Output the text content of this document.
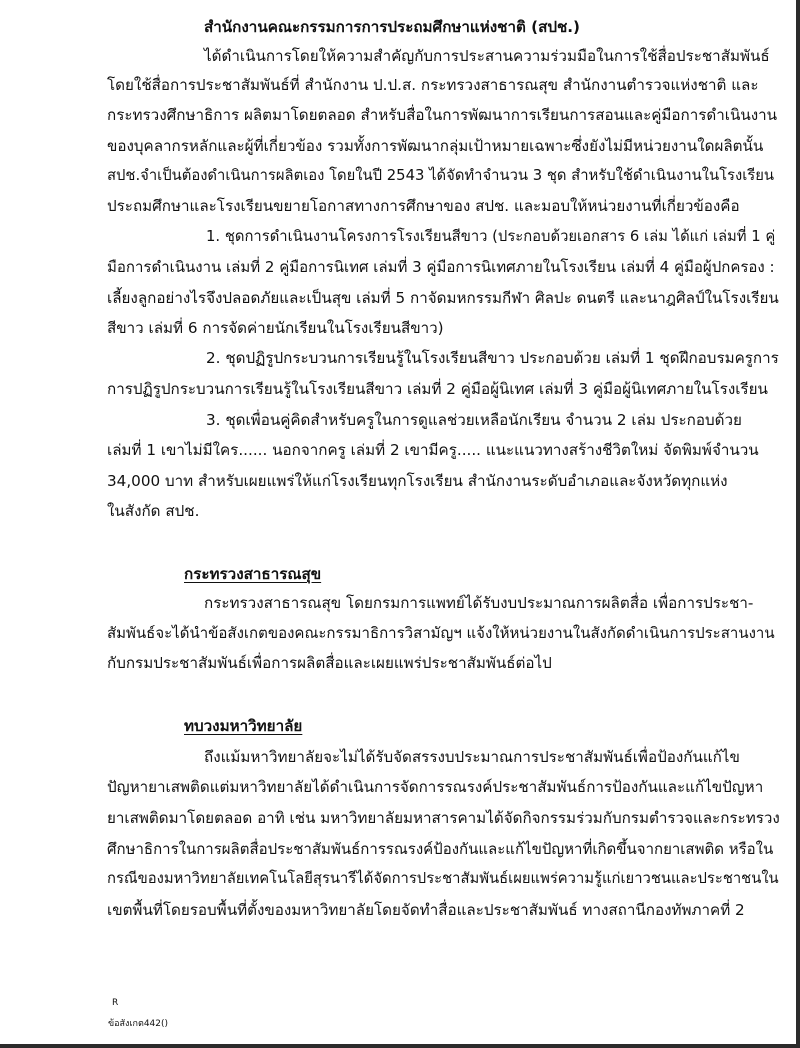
สำนักงานคณะกรรมการการประถมศึกษาแห่งชาติ (สปช.)
ได้ดำเนินการโดยให้ความสำคัญกับการประสานความร่วมมือในการใช้สื่อประชาสัมพันธ์
โดยใช้สื่อการประชาสัมพันธ์ที่ สำนักงาน ป.ป.ส. กระทรวงสาธารณสุข สำนักงานตำรวจแห่งชาติ และ
กระทรวงศึกษาธิการ ผลิตมาโดยตลอด สำหรับสื่อในการพัฒนาการเรียนการสอนและคู่มือการดำเนินงาน
ของบุคลากรหลักและผู้ที่เกี่ยวข้อง รวมทั้งการพัฒนากลุ่มเป้าหมายเฉพาะซึ่งยังไม่มีหน่วยงานใดผลิตนั้น
สปช.จำเป็นต้องดำเนินการผลิตเอง โดยในปี 2543 ได้จัดทำจำนวน 3 ชุด สำหรับใช้ดำเนินงานในโรงเรียน
ประถมศึกษาและโรงเรียนขยายโอกาสทางการศึกษาของ สปช. และมอบให้หน่วยงานที่เกี่ยวข้องคือ
1. ชุดการดำเนินงานโครงการโรงเรียนสีขาว (ประกอบด้วยเอกสาร 6 เล่ม ได้แก่ เล่มที่ 1 คู่
มือการดำเนินงาน เล่มที่ 2 คู่มือการนิเทศ เล่มที่ 3 คู่มือการนิเทศภายในโรงเรียน เล่มที่ 4 คู่มือผู้ปกครอง :
เลี้ยงลูกอย่างไรจึงปลอดภัยและเป็นสุข เล่มที่ 5 กาจัดมหกรรมกีฬา ศิลปะ ดนตรี และนาฎศิลป์ในโรงเรียน
สีขาว เล่มที่ 6 การจัดค่ายนักเรียนในโรงเรียนสีขาว)
2. ชุดปฏิรูปกระบวนการเรียนรู้ในโรงเรียนสีขาว ประกอบด้วย เล่มที่ 1 ชุดฝึกอบรมครูการ
การปฏิรูปกระบวนการเรียนรู้ในโรงเรียนสีขาว เล่มที่ 2 คู่มือผู้นิเทศ เล่มที่ 3 คู่มือผู้นิเทศภายในโรงเรียน
3. ชุดเพื่อนคู่คิดสำหรับครูในการดูแลช่วยเหลือนักเรียน จำนวน 2 เล่ม ประกอบด้วย
เล่มที่ 1 เขาไม่มีใคร...... นอกจากครู เล่มที่ 2 เขามีครู..... แนะแนวทางสร้างชีวิตใหม่ จัดพิมพ์จำนวน
34,000 บาท สำหรับเผยแพร่ให้แก่โรงเรียนทุกโรงเรียน สำนักงานระดับอำเภอและจังหวัดทุกแห่ง
ในสังกัด สปช.
กระทรวงสาธารณสุข
กระทรวงสาธารณสุข โดยกรมการแพทย์ได้รับงบประมาณการผลิตสื่อ เพื่อการประชา-
สัมพันธ์จะได้นำข้อสังเกตของคณะกรรมาธิการวิสามัญฯ แจ้งให้หน่วยงานในสังกัดดำเนินการประสานงาน
กับกรมประชาสัมพันธ์เพื่อการผลิตสื่อและเผยแพร่ประชาสัมพันธ์ต่อไป
ทบวงมหาวิทยาลัย
ถึงแม้มหาวิทยาลัยจะไม่ได้รับจัดสรรงบประมาณการประชาสัมพันธ์เพื่อป้องกันแก้ไข
ปัญหายาเสพติดแต่มหาวิทยาลัยได้ดำเนินการจัดการรณรงค์ประชาสัมพันธ์การป้องกันและแก้ไขปัญหา
ยาเสพติดมาโดยตลอด อาทิ เช่น มหาวิทยาลัยมหาสารคามได้จัดกิจกรรมร่วมกับกรมตำรวจและกระทรวง
ศึกษาธิการในการผลิตสื่อประชาสัมพันธ์การรณรงค์ป้องกันและแก้ไขปัญหาที่เกิดขึ้นจากยาเสพติด หรือใน
กรณีของมหาวิทยาลัยเทคโนโลยีสุรนารีได้จัดการประชาสัมพันธ์เผยแพร่ความรู้แก่เยาวชนและประชาชนใน
เขตพื้นที่โดยรอบพื้นที่ตั้งของมหาวิทยาลัยโดยจัดทำสื่อและประชาสัมพันธ์ ทางสถานีกองทัพภาคที่ 2
R
ข้อสังเกต442()
